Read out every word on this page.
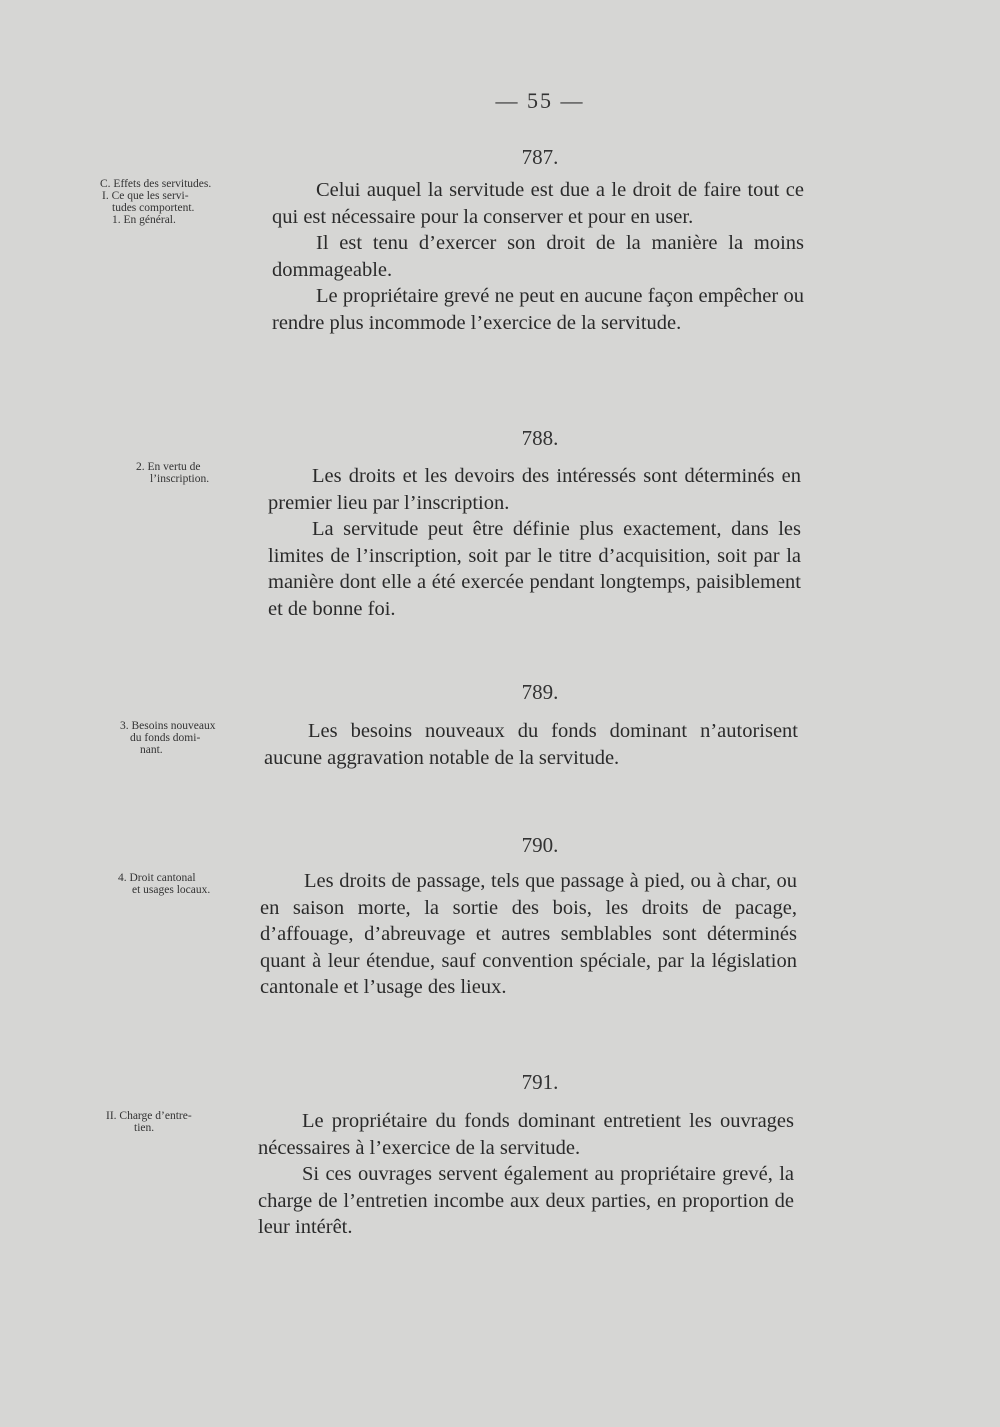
— 55 —
787.
C. Effets des servitudes.
I. Ce que les servi-
tudes comportent.
1. En général.

Celui auquel la servitude est due a le droit de faire tout ce qui est nécessaire pour la conserver et pour en user.

Il est tenu d’exercer son droit de la manière la moins dommageable.

Le propriétaire grevé ne peut en aucune façon empêcher ou rendre plus incommode l’exercice de la servitude.

788.
2. En vertu de
l’inscription.	Les droits et les devoirs des intéressés sont déterminés en premier lieu par l’inscription.

La servitude peut être définie plus exactement, dans les limites de l’inscription, soit par le titre d’acquisition, soit par la manière dont elle a été exercée pendant longtemps, paisiblement et de bonne foi.

789.
3. Besoins nouveaux
du fonds domi-
nant.

Les besoins nouveaux du fonds dominant n’autorisent aucune aggravation notable de la servitude.

790.
4. Droit cantonal
et usages locaux.	Les droits de passage, tels que passage à pied, ou à char, ou en saison morte, la sortie des bois, les droits de pacage, d’affouage, d’abreuvage et autres semblables sont déterminés quant à leur étendue, sauf convention spéciale, par la législation cantonale et l’usage des lieux.

791.
II. Charge d’entre-
tien.	Le propriétaire du fonds dominant entretient les ouvrages nécessaires à l’exercice de la servitude.

Si ces ouvrages servent également au propriétaire grevé, la charge de l’entretien incombe aux deux parties, en proportion de leur intérêt.
